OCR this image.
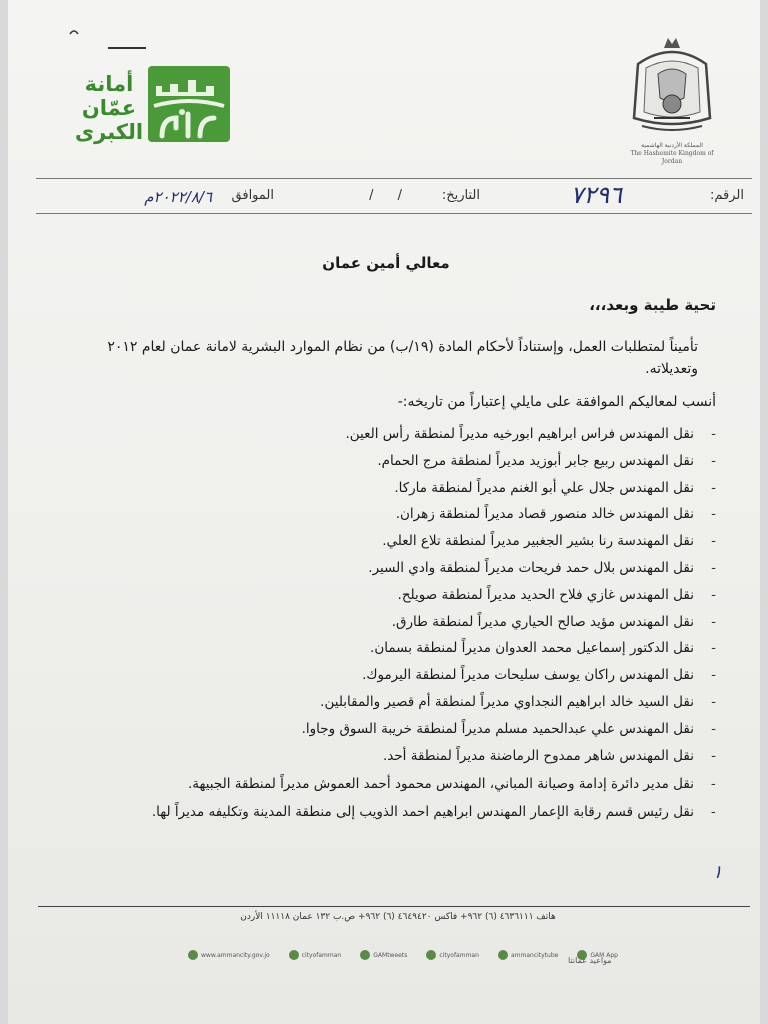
أمانة
عمّان
الكبرى
المملكة الأردنية الهاشمية
The Hashemite Kingdom of Jordan
الرقم:
٧٢٩٦
التاريخ:
/ /
الموافق
٢٠٢٢/٨/٦م
معالي أمين عمان
تحية طيبة وبعد،،،
تأميناً لمتطلبات العمل، وإستناداً لأحكام المادة (١٩/ب) من نظام الموارد البشرية لامانة عمان لعام ٢٠١٢ وتعديلاته.
أنسب لمعاليكم الموافقة على مايلي إعتباراً من تاريخه:-
- نقل المهندس فراس ابراهيم ابورخيه مديراً لمنطقة رأس العين.
- نقل المهندس ربيع جابر أبوزيد مديراً لمنطقة مرج الحمام.
- نقل المهندس جلال علي أبو الغنم مديراً لمنطقة ماركا.
- نقل المهندس خالد منصور قصاد مديراً لمنطقة زهران.
- نقل المهندسة رنا بشير الجغبير مديراً لمنطقة تلاع العلي.
- نقل المهندس بلال حمد فريحات مديراً لمنطقة وادي السير.
- نقل المهندس غازي فلاح الحديد مديراً لمنطقة صويلح.
- نقل المهندس مؤيد صالح الحياري مديراً لمنطقة طارق.
- نقل الدكتور إسماعيل محمد العدوان مديراً لمنطقة بسمان.
- نقل المهندس راكان يوسف سليحات مديراً لمنطقة اليرموك.
- نقل السيد خالد ابراهيم النجداوي مديراً لمنطقة أم قصير والمقابلين.
- نقل المهندس علي عبدالحميد مسلم مديراً لمنطقة خريبة السوق وجاوا.
- نقل المهندس شاهر ممدوح الرماضنة مديراً لمنطقة أحد.
- نقل مدير دائرة إدامة وصيانة المباني، المهندس محمود أحمد العموش مديراً لمنطقة الجبيهة.
- نقل رئيس قسم رقابة الإعمار المهندس ابراهيم احمد الذويب إلى منطقة المدينة وتكليفه مديراً لها.
١
هاتف ٤٦٣٦١١١ (٦) ٩٦٢+ فاكس ٤٦٤٩٤٢٠ (٦) ٩٦٢+ ص.ب ١٣٢ عمان ١١١١٨ الأردن
www.ammancity.gov.jo	cityofamman	GAMtweets	cityofamman	ammancitytube	GAM App
مواعيد عمانتا
